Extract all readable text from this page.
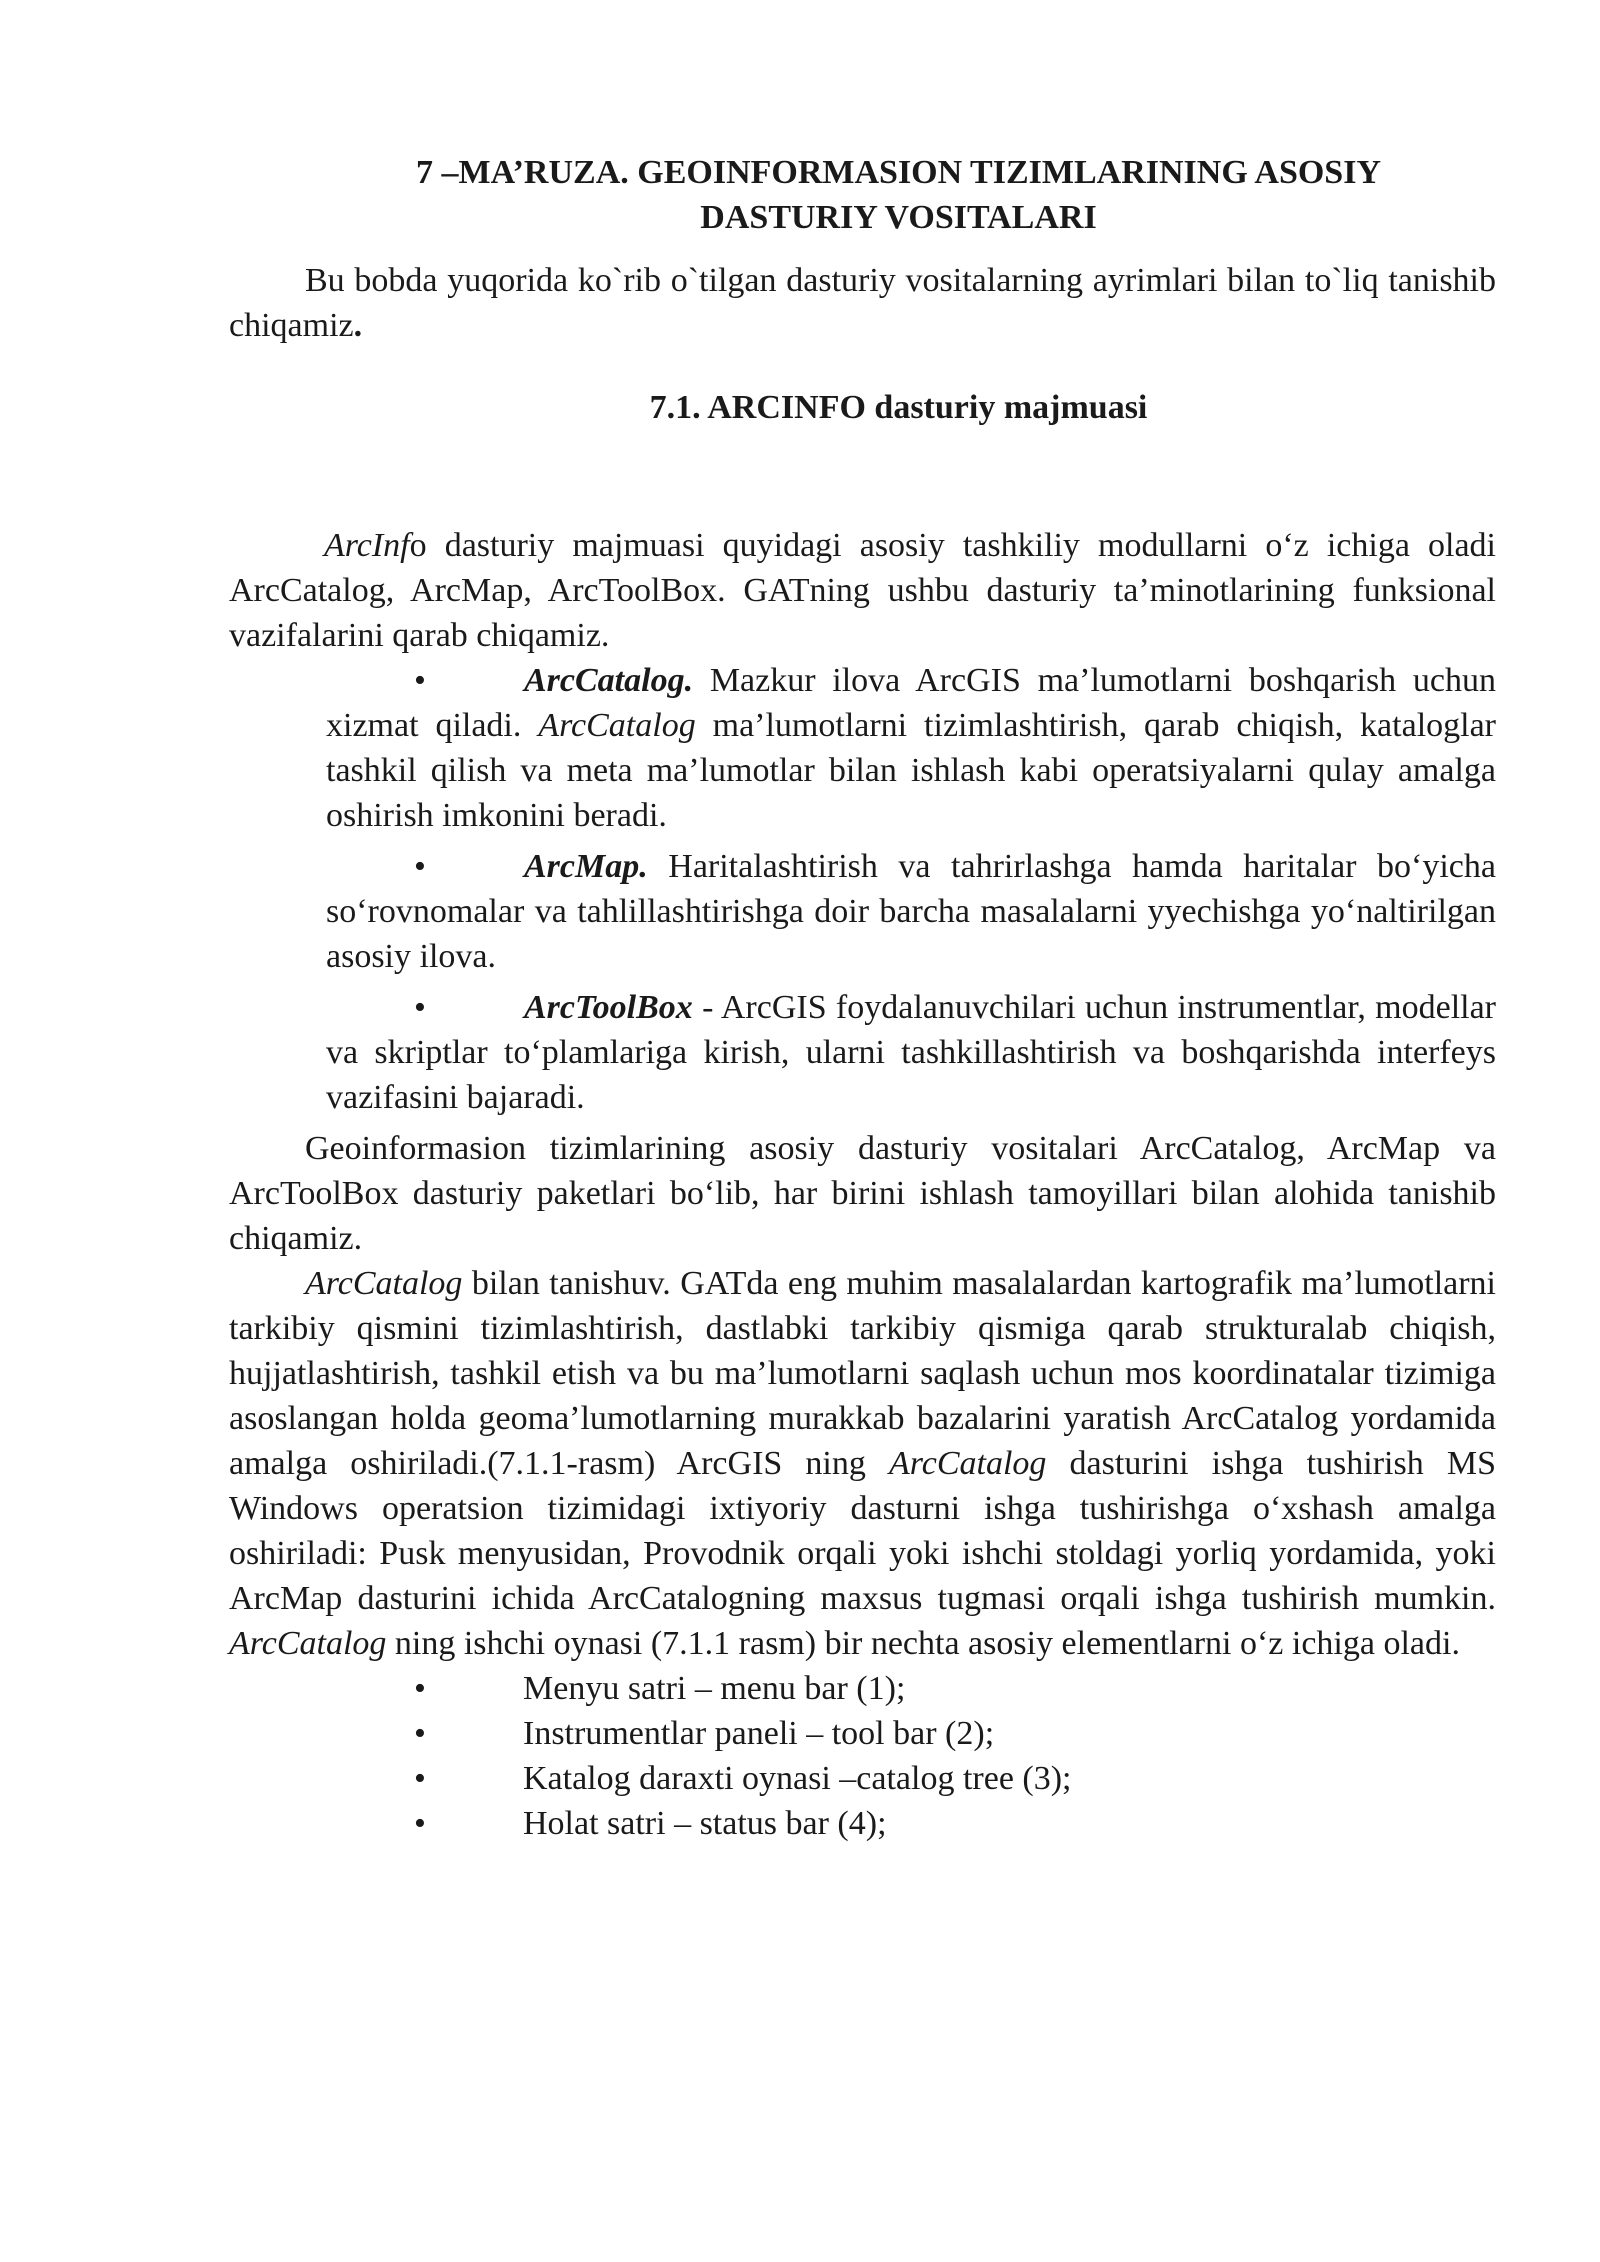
7 –MA’RUZA. GEOINFORMASION TIZIMLARINING ASOSIY
DASTURIY VOSITALARI

Bu bobda yuqorida ko`rib o`tilgan dasturiy vositalarning ayrimlari bilan to`liq tanishib chiqamiz.

7.1. ARCINFO dasturiy majmuasi

ArcInfo dasturiy majmuasi quyidagi asosiy tashkiliy modullarni o‘z ichiga oladi ArcCatalog, ArcMap, ArcToolBox. GATning ushbu dasturiy ta’minotlarining funksional vazifalarini qarab chiqamiz.

•	ArcCatalog. Mazkur ilova ArcGIS ma’lumotlarni boshqarish uchun xizmat qiladi. ArcCatalog ma’lumotlarni tizimlashtirish, qarab chiqish, kataloglar tashkil qilish va meta ma’lumotlar bilan ishlash kabi operatsiyalarni qulay amalga oshirish imkonini beradi.
•	ArcMap. Haritalashtirish va tahrirlashga hamda haritalar bo‘yicha so‘rovnomalar va tahlillashtirishga doir barcha masalalarni yyechishga yo‘naltirilgan asosiy ilova.
•	ArcToolBox - ArcGIS foydalanuvchilari uchun instrumentlar, modellar va skriptlar to‘plamlariga kirish, ularni tashkillashtirish va boshqarishda interfeys vazifasini bajaradi.

Geoinformasion tizimlarining asosiy dasturiy vositalari ArcCatalog, ArcMap va ArcToolBox dasturiy paketlari bo‘lib, har birini ishlash tamoyillari bilan alohida tanishib chiqamiz.

ArcCatalog bilan tanishuv. GATda eng muhim masalalardan kartografik ma’lumotlarni tarkibiy qismini tizimlashtirish, dastlabki tarkibiy qismiga qarab strukturalab chiqish, hujjatlashtirish, tashkil etish va bu ma’lumotlarni saqlash uchun mos koordinatalar tizimiga asoslangan holda geoma’lumotlarning murakkab bazalarini yaratish ArcCatalog yordamida amalga oshiriladi.(7.1.1-rasm) ArcGIS ning ArcCatalog dasturini ishga tushirish MS Windows operatsion tizimidagi ixtiyoriy dasturni ishga tushirishga o‘xshash amalga oshiriladi: Pusk menyusidan, Provodnik orqali yoki ishchi stoldagi yorliq yordamida, yoki ArcMap dasturini ichida ArcCatalogning maxsus tugmasi orqali ishga tushirish mumkin. ArcCatalog ning ishchi oynasi (7.1.1 rasm) bir nechta asosiy elementlarni o‘z ichiga oladi.

•	Menyu satri – menu bar (1);
•	Instrumentlar paneli – tool bar (2);
•	Katalog daraxti oynasi –catalog tree (3);
•	Holat satri – status bar (4);
